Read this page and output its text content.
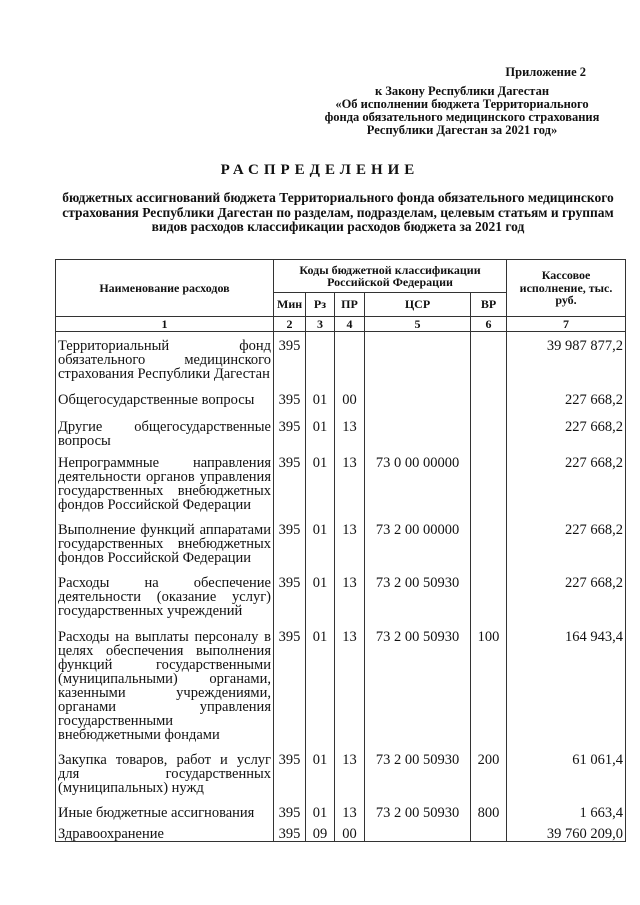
Приложение 2
к Закону Республики Дагестан
«Об исполнении бюджета Территориального
фонда обязательного медицинского страхования
Республики Дагестан за 2021 год»
РАСПРЕДЕЛЕНИЕ
бюджетных ассигнований бюджета Территориального фонда обязательного медицинского страхования Республики Дагестан по разделам, подразделам, целевым статьям и группам видов расходов классификации расходов бюджета за 2021 год
Наименование расходов	Коды бюджетной классификации Российской Федерации					Кассовое исполнение, тыс. руб.
	Мин	Рз	ПР	ЦСР	ВР	
1	2	3	4	5	6	7
Территориальный фонд обязательного медицинского страхования Республики Дагестан	395					39 987 877,2
Общегосударственные вопросы	395	01	00			227 668,2
Другие общегосударственные вопросы	395	01	13			227 668,2
Непрограммные направления деятельности органов управления государственных внебюджетных фондов Российской Федерации	395	01	13	73 0 00 00000		227 668,2
Выполнение функций аппаратами государственных внебюджетных фондов Российской Федерации	395	01	13	73 2 00 00000		227 668,2
Расходы на обеспечение деятельности (оказание услуг) государственных учреждений	395	01	13	73 2 00 50930		227 668,2
Расходы на выплаты персоналу в целях обеспечения выполнения функций государственными (муниципальными) органами, казенными учреждениями, органами управления государственными внебюджетными фондами	395	01	13	73 2 00 50930	100	164 943,4
Закупка товаров, работ и услуг для государственных (муниципальных) нужд	395	01	13	73 2 00 50930	200	61 061,4
Иные бюджетные ассигнования	395	01	13	73 2 00 50930	800	1 663,4
Здравоохранение	395	09	00			39 760 209,0
